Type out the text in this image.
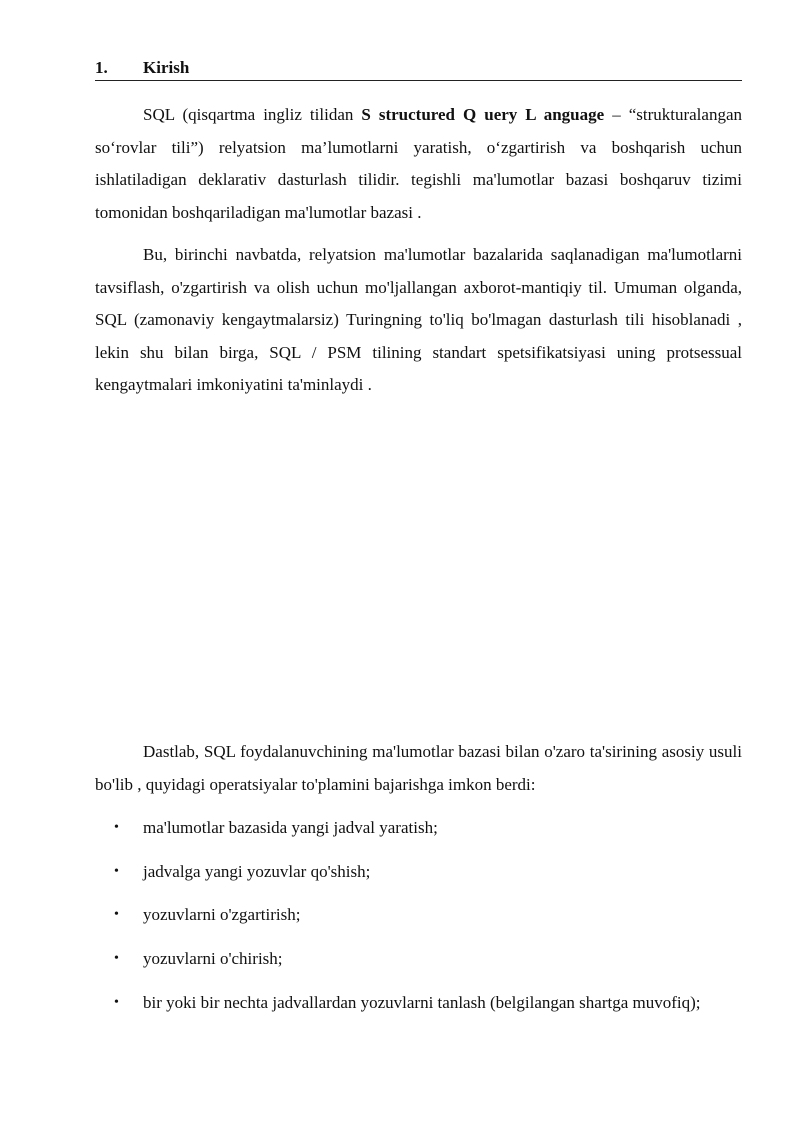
1. Kirish

SQL (qisqartma ingliz tilidan S structured Q uery L anguage – “strukturalangan so‘rovlar tili”) relyatsion ma’lumotlarni yaratish, o‘zgartirish va boshqarish uchun ishlatiladigan deklarativ dasturlash tilidir. tegishli ma'lumotlar bazasi boshqaruv tizimi tomonidan boshqariladigan ma'lumotlar bazasi .

Bu, birinchi navbatda, relyatsion ma'lumotlar bazalarida saqlanadigan ma'lumotlarni tavsiflash, o'zgartirish va olish uchun mo'ljallangan axborot-mantiqiy til. Umuman olganda, SQL (zamonaviy kengaytmalarsiz) Turingning to'liq bo'lmagan dasturlash tili hisoblanadi , lekin shu bilan birga, SQL / PSM tilining standart spetsifikatsiyasi uning protsessual kengaytmalari imkoniyatini ta'minlaydi .

Dastlab, SQL foydalanuvchining ma'lumotlar bazasi bilan o'zaro ta'sirining asosiy usuli bo'lib , quyidagi operatsiyalar to'plamini bajarishga imkon berdi:

• ma'lumotlar bazasida yangi jadval yaratish;
• jadvalga yangi yozuvlar qo'shish;
• yozuvlarni o'zgartirish;
• yozuvlarni o'chirish;
• bir yoki bir nechta jadvallardan yozuvlarni tanlash (belgilangan shartga muvofiq);
